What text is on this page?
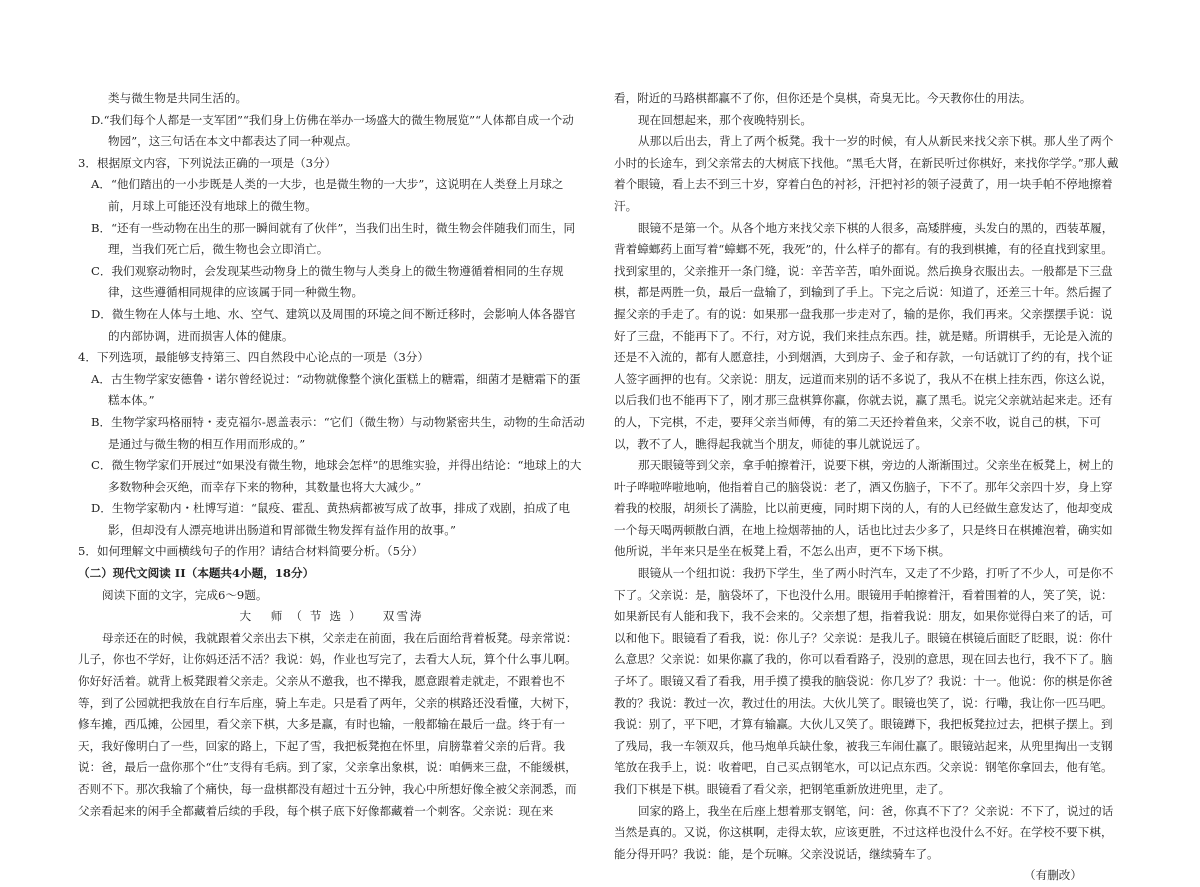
类与微生物是共同生活的。

D.“我们每个人都是一支军团”“我们身上仿佛在举办一场盛大的微生物展览”“人体都自成一个动物园”，这三句话在本文中都表达了同一种观点。

3．根据原文内容，下列说法正确的一项是（3分）

A．“他们踏出的一小步既是人类的一大步，也是微生物的一大步”，这说明在人类登上月球之前，月球上可能还没有地球上的微生物。

B．“还有一些动物在出生的那一瞬间就有了伙伴”，当我们出生时，微生物会伴随我们而生，同理，当我们死亡后，微生物也会立即消亡。

C．我们观察动物时，会发现某些动物身上的微生物与人类身上的微生物遵循着相同的生存规律，这些遵循相同规律的应该属于同一种微生物。

D．微生物在人体与土地、水、空气、建筑以及周围的环境之间不断迁移时，会影响人体各器官的内部协调，进而损害人体的健康。

4．下列选项，最能够支持第三、四自然段中心论点的一项是（3分）

A．古生物学家安德鲁・诺尔曾经说过：“动物就像整个演化蛋糕上的糖霜，细菌才是糖霜下的蛋糕本体。”

B．生物学家玛格丽特・麦克福尔-恩盖表示：“它们（微生物）与动物紧密共生，动物的生命活动是通过与微生物的相互作用而形成的。”

C．微生物学家们开展过“如果没有微生物，地球会怎样”的思维实验，并得出结论：“地球上的大多数物种会灭绝，而幸存下来的物种，其数量也将大大减少。”

D．生物学家勒内・杜博写道：“鼠疫、霍乱、黄热病都被写成了故事，排成了戏剧，拍成了电影，但却没有人漂亮地讲出肠道和胃部微生物发挥有益作用的故事。”

5．如何理解文中画横线句子的作用？请结合材料简要分析。（5分）

（二）现代文阅读 II（本题共4小题，18分）

阅读下面的文字，完成6～9题。

大 师（节选） 双雪涛

母亲还在的时候，我就跟着父亲出去下棋，父亲走在前面，我在后面给背着板凳。母亲常说：儿子，你也不学好，让你妈还活不活？我说：妈，作业也写完了，去看大人玩，算个什么事儿啊。你好好活着。就背上板凳跟着父亲走。父亲从不邀我，也不撵我，愿意跟着走就走，不跟着也不等，到了公园就把我放在自行车后座，骑上车走。只是看了两年，父亲的棋路还没看懂，大树下，修车摊，西瓜摊，公园里，看父亲下棋，大多是赢，有时也输，一般都输在最后一盘。终于有一天，我好像明白了一些，回家的路上，下起了雪，我把板凳抱在怀里，肩膀靠着父亲的后背。我说：爸，最后一盘你那个“仕”支得有毛病。到了家，父亲拿出象棋，说：咱俩来三盘，不能缓棋，否则不下。那次我输了个痛快，每一盘棋都没有超过十五分钟，我心中所想好像全被父亲洞悉，而父亲看起来的闲手全都藏着后续的手段，每个棋子底下好像都藏着一个刺客。父亲说：现在来

看，附近的马路棋都赢不了你，但你还是个臭棋，奇臭无比。今天教你仕的用法。

现在回想起来，那个夜晚特别长。

从那以后出去，背上了两个板凳。我十一岁的时候，有人从新民来找父亲下棋。那人坐了两个小时的长途车，到父亲常去的大树底下找他。“黑毛大肾，在新民听过你棋好，来找你学学。”那人戴着个眼镜，看上去不到三十岁，穿着白色的衬衫，汗把衬衫的领子浸黄了，用一块手帕不停地擦着汗。

眼镜不是第一个。从各个地方来找父亲下棋的人很多，高矮胖瘦，头发白的黑的，西装革履，背着蟑螂药上面写着“蟑螂不死，我死”的，什么样子的都有。有的我到棋摊，有的径直找到家里。找到家里的，父亲推开一条门缝，说：辛苦辛苦，咱外面说。然后换身衣服出去。一般都是下三盘棋，都是两胜一负，最后一盘输了，到输到了手上。下完之后说：知道了，还差三十年。然后握了握父亲的手走了。有的说：如果那一盘我那一步走对了，输的是你，我们再来。父亲摆摆手说：说好了三盘，不能再下了。不行，对方说，我们来挂点东西。挂，就是赌。所谓棋手，无论是入流的还是不入流的，都有人愿意挂，小到烟酒，大到房子、金子和存款，一句话就订了约的有，找个证人签字画押的也有。父亲说：朋友，远道而来别的话不多说了，我从不在棋上挂东西，你这么说，以后我们也不能再下了，刚才那三盘棋算你赢，你就去说，赢了黑毛。说完父亲就站起来走。还有的人，下完棋，不走，要拜父亲当师傅，有的第二天还拎着鱼来，父亲不收，说自己的棋，下可以，教不了人，瞧得起我就当个朋友，师徒的事儿就说远了。

那天眼镜等到父亲，拿手帕擦着汗，说要下棋，旁边的人渐渐围过。父亲坐在板凳上，树上的叶子哗啦哗啦地响，他指着自己的脑袋说：老了，酒又伤脑子，下不了。那年父亲四十岁，身上穿着我的校服，胡须长了满脸，比以前更瘦，同时期下岗的人，有的人已经做生意发达了，他却变成一个每天喝两顿散白酒，在地上捡烟蒂抽的人，话也比过去少多了，只是终日在棋摊泡着，确实如他所说，半年来只是坐在板凳上看，不怎么出声，更不下场下棋。

眼镜从一个纽扣说：我扔下学生，坐了两小时汽车，又走了不少路，打听了不少人，可是你不下了。父亲说：是，脑袋坏了，下也没什么用。眼镜用手帕擦着汗，看着围着的人，笑了笑，说：如果新民有人能和我下，我不会来的。父亲想了想，指着我说：朋友，如果你觉得白来了的话，可以和他下。眼镜看了看我，说：你儿子？父亲说：是我儿子。眼镜在棋镜后面眨了眨眼，说：你什么意思？父亲说：如果你赢了我的，你可以看看路子，没别的意思，现在回去也行，我不下了。脑子坏了。眼镜又看了看我，用手摸了摸我的脑袋说：你几岁了？我说：十一。他说：你的棋是你爸教的？我说：教过一次，教过仕的用法。大伙儿笑了。眼镜也笑了，说：行嘞，我让你一匹马吧。我说：别了，平下吧，才算有输赢。大伙儿又笑了。眼镜蹲下，我把板凳拉过去，把棋子摆上。到了残局，我一车领双兵，他马炮单兵缺仕象，被我三车闹仕赢了。眼镜站起来，从兜里掏出一支钢笔放在我手上，说：收着吧，自己买点钢笔水，可以记点东西。父亲说：钢笔你拿回去，他有笔。我们下棋是下棋。眼镜看了看父亲，把钢笔重新放进兜里，走了。

回家的路上，我坐在后座上想着那支钢笔，问：爸，你真不下了？父亲说：不下了，说过的话当然是真的。又说，你这棋啊，走得太软，应该更胜，不过这样也没什么不好。在学校不要下棋，能分得开吗？我说：能，是个玩嘛。父亲没说话，继续骑车了。

（有删改）
